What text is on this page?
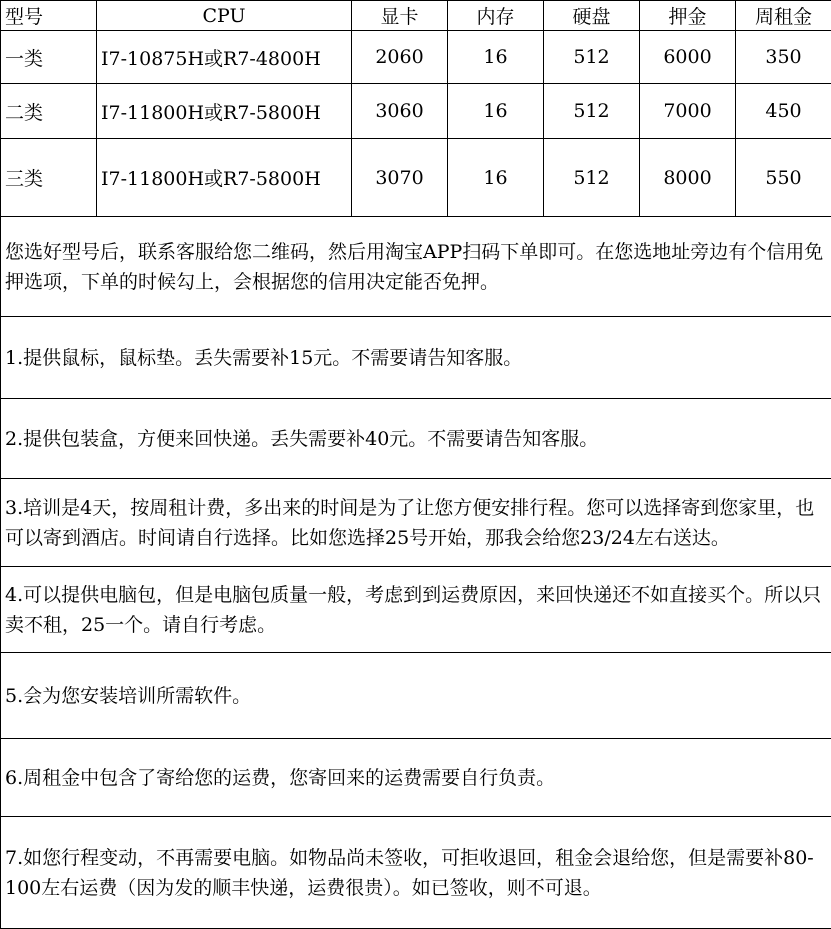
型号	CPU	显卡	内存	硬盘	押金	周租金
一类	I7-10875H或R7-4800H	2060	16	512	6000	350
二类	I7-11800H或R7-5800H	3060	16	512	7000	450
三类	I7-11800H或R7-5800H	3070	16	512	8000	550
您选好型号后，联系客服给您二维码，然后用淘宝APP扫码下单即可。在您选地址旁边有个信用免押选项，下单的时候勾上，会根据您的信用决定能否免押。						
1.提供鼠标，鼠标垫。丢失需要补15元。不需要请告知客服。						
2.提供包装盒，方便来回快递。丢失需要补40元。不需要请告知客服。						
3.培训是4天，按周租计费，多出来的时间是为了让您方便安排行程。您可以选择寄到您家里，也可以寄到酒店。时间请自行选择。比如您选择25号开始，那我会给您23/24左右送达。						
4.可以提供电脑包，但是电脑包质量一般，考虑到到运费原因，来回快递还不如直接买个。所以只卖不租，25一个。请自行考虑。						
5.会为您安装培训所需软件。						
6.周租金中包含了寄给您的运费，您寄回来的运费需要自行负责。						
7.如您行程变动，不再需要电脑。如物品尚未签收，可拒收退回，租金会退给您，但是需要补80-100左右运费（因为发的顺丰快递，运费很贵）。如已签收，则不可退。						
